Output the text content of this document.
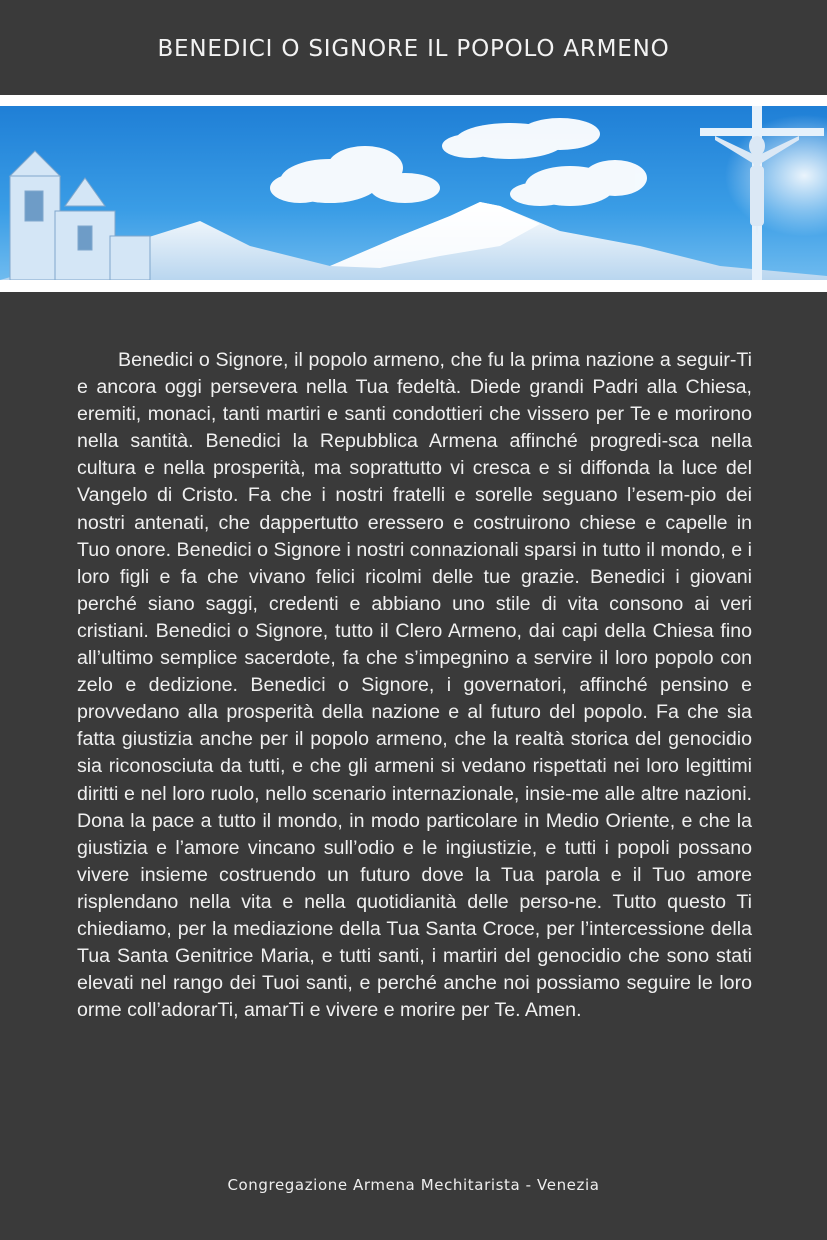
BENEDICI O SIGNORE IL POPOLO ARMENO

Benedici o Signore, il popolo armeno, che fu la prima nazione a seguir-Ti e ancora oggi persevera nella Tua fedeltà. Diede grandi Padri alla Chiesa, eremiti, monaci, tanti martiri e santi condottieri che vissero per Te e morirono nella santità. Benedici la Repubblica Armena affinché progredi-sca nella cultura e nella prosperità, ma soprattutto vi cresca e si diffonda la luce del Vangelo di Cristo. Fa che i nostri fratelli e sorelle seguano l’esem-pio dei nostri antenati, che dappertutto eressero e costruirono chiese e capelle in Tuo onore. Benedici o Signore i nostri connazionali sparsi in tutto il mondo, e i loro figli e fa che vivano felici ricolmi delle tue grazie. Benedici i giovani perché siano saggi, credenti e abbiano uno stile di vita consono ai veri cristiani. Benedici o Signore, tutto il Clero Armeno, dai capi della Chiesa fino all’ultimo semplice sacerdote, fa che s’impegnino a servire il loro popolo con zelo e dedizione. Benedici o Signore, i governatori, affinché pensino e provvedano alla prosperità della nazione e al futuro del popolo. Fa che sia fatta giustizia anche per il popolo armeno, che la realtà storica del genocidio sia riconosciuta da tutti, e che gli armeni si vedano rispettati nei loro legittimi diritti e nel loro ruolo, nello scenario internazionale, insie-me alle altre nazioni. Dona la pace a tutto il mondo, in modo particolare in Medio Oriente, e che la giustizia e l’amore vincano sull’odio e le ingiustizie, e tutti i popoli possano vivere insieme costruendo un futuro dove la Tua parola e il Tuo amore risplendano nella vita e nella quotidianità delle perso-ne. Tutto questo Ti chiediamo, per la mediazione della Tua Santa Croce, per l’intercessione della Tua Santa Genitrice Maria, e tutti santi, i martiri del genocidio che sono stati elevati nel rango dei Tuoi santi, e perché anche noi possiamo seguire le loro orme coll’adorarTi, amarTi e vivere e morire per Te. Amen.

Congregazione Armena Mechitarista - Venezia
